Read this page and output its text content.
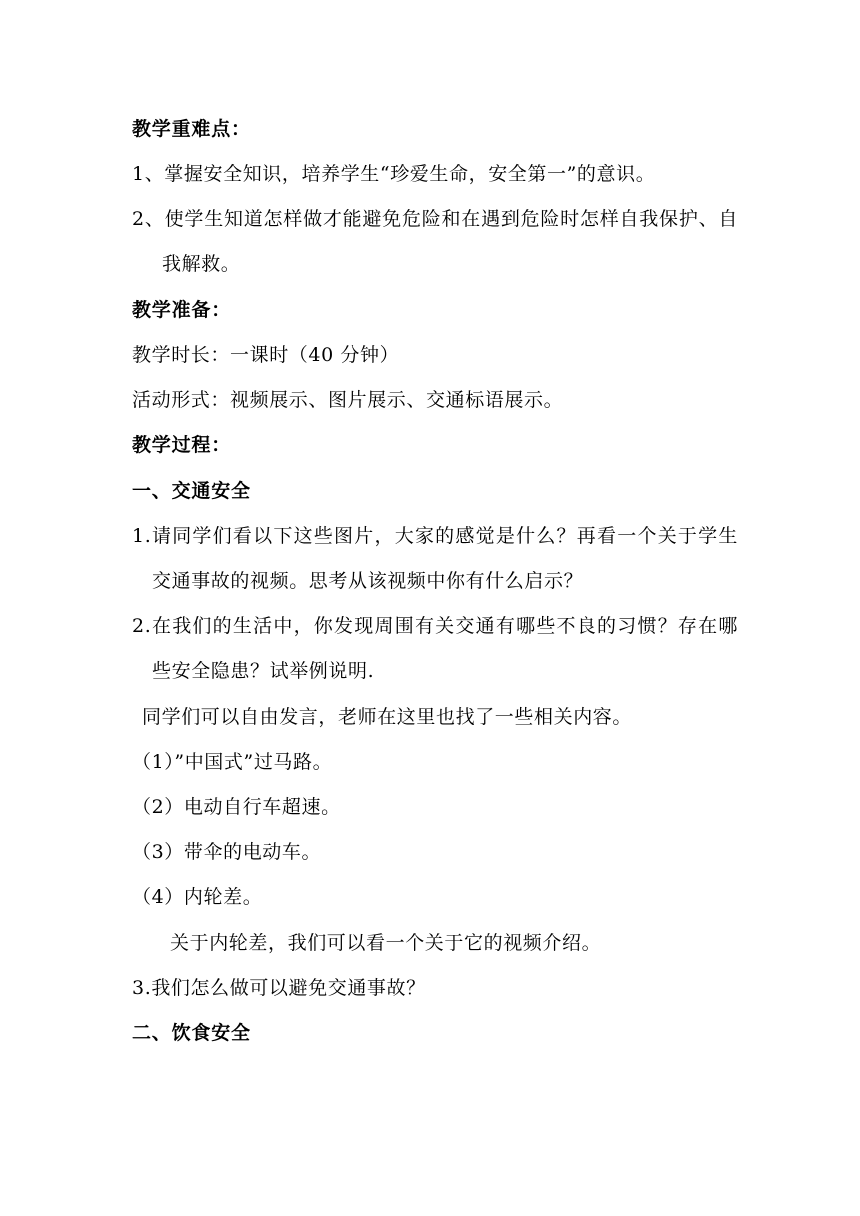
教学重难点：
1、掌握安全知识，培养学生“珍爱生命，安全第一”的意识。
2、使学生知道怎样做才能避免危险和在遇到危险时怎样自我保护、自
我解救。
教学准备：
教学时长：一课时（40 分钟）
活动形式：视频展示、图片展示、交通标语展示。
教学过程：
一、交通安全
1.请同学们看以下这些图片，大家的感觉是什么？再看一个关于学生
交通事故的视频。思考从该视频中你有什么启示？
2.在我们的生活中，你发现周围有关交通有哪些不良的习惯？存在哪
些安全隐患？试举例说明.
同学们可以自由发言，老师在这里也找了一些相关内容。
（1）”中国式”过马路。
（2）电动自行车超速。
（3）带伞的电动车。
（4）内轮差。
关于内轮差，我们可以看一个关于它的视频介绍。
3.我们怎么做可以避免交通事故？
二、饮食安全
